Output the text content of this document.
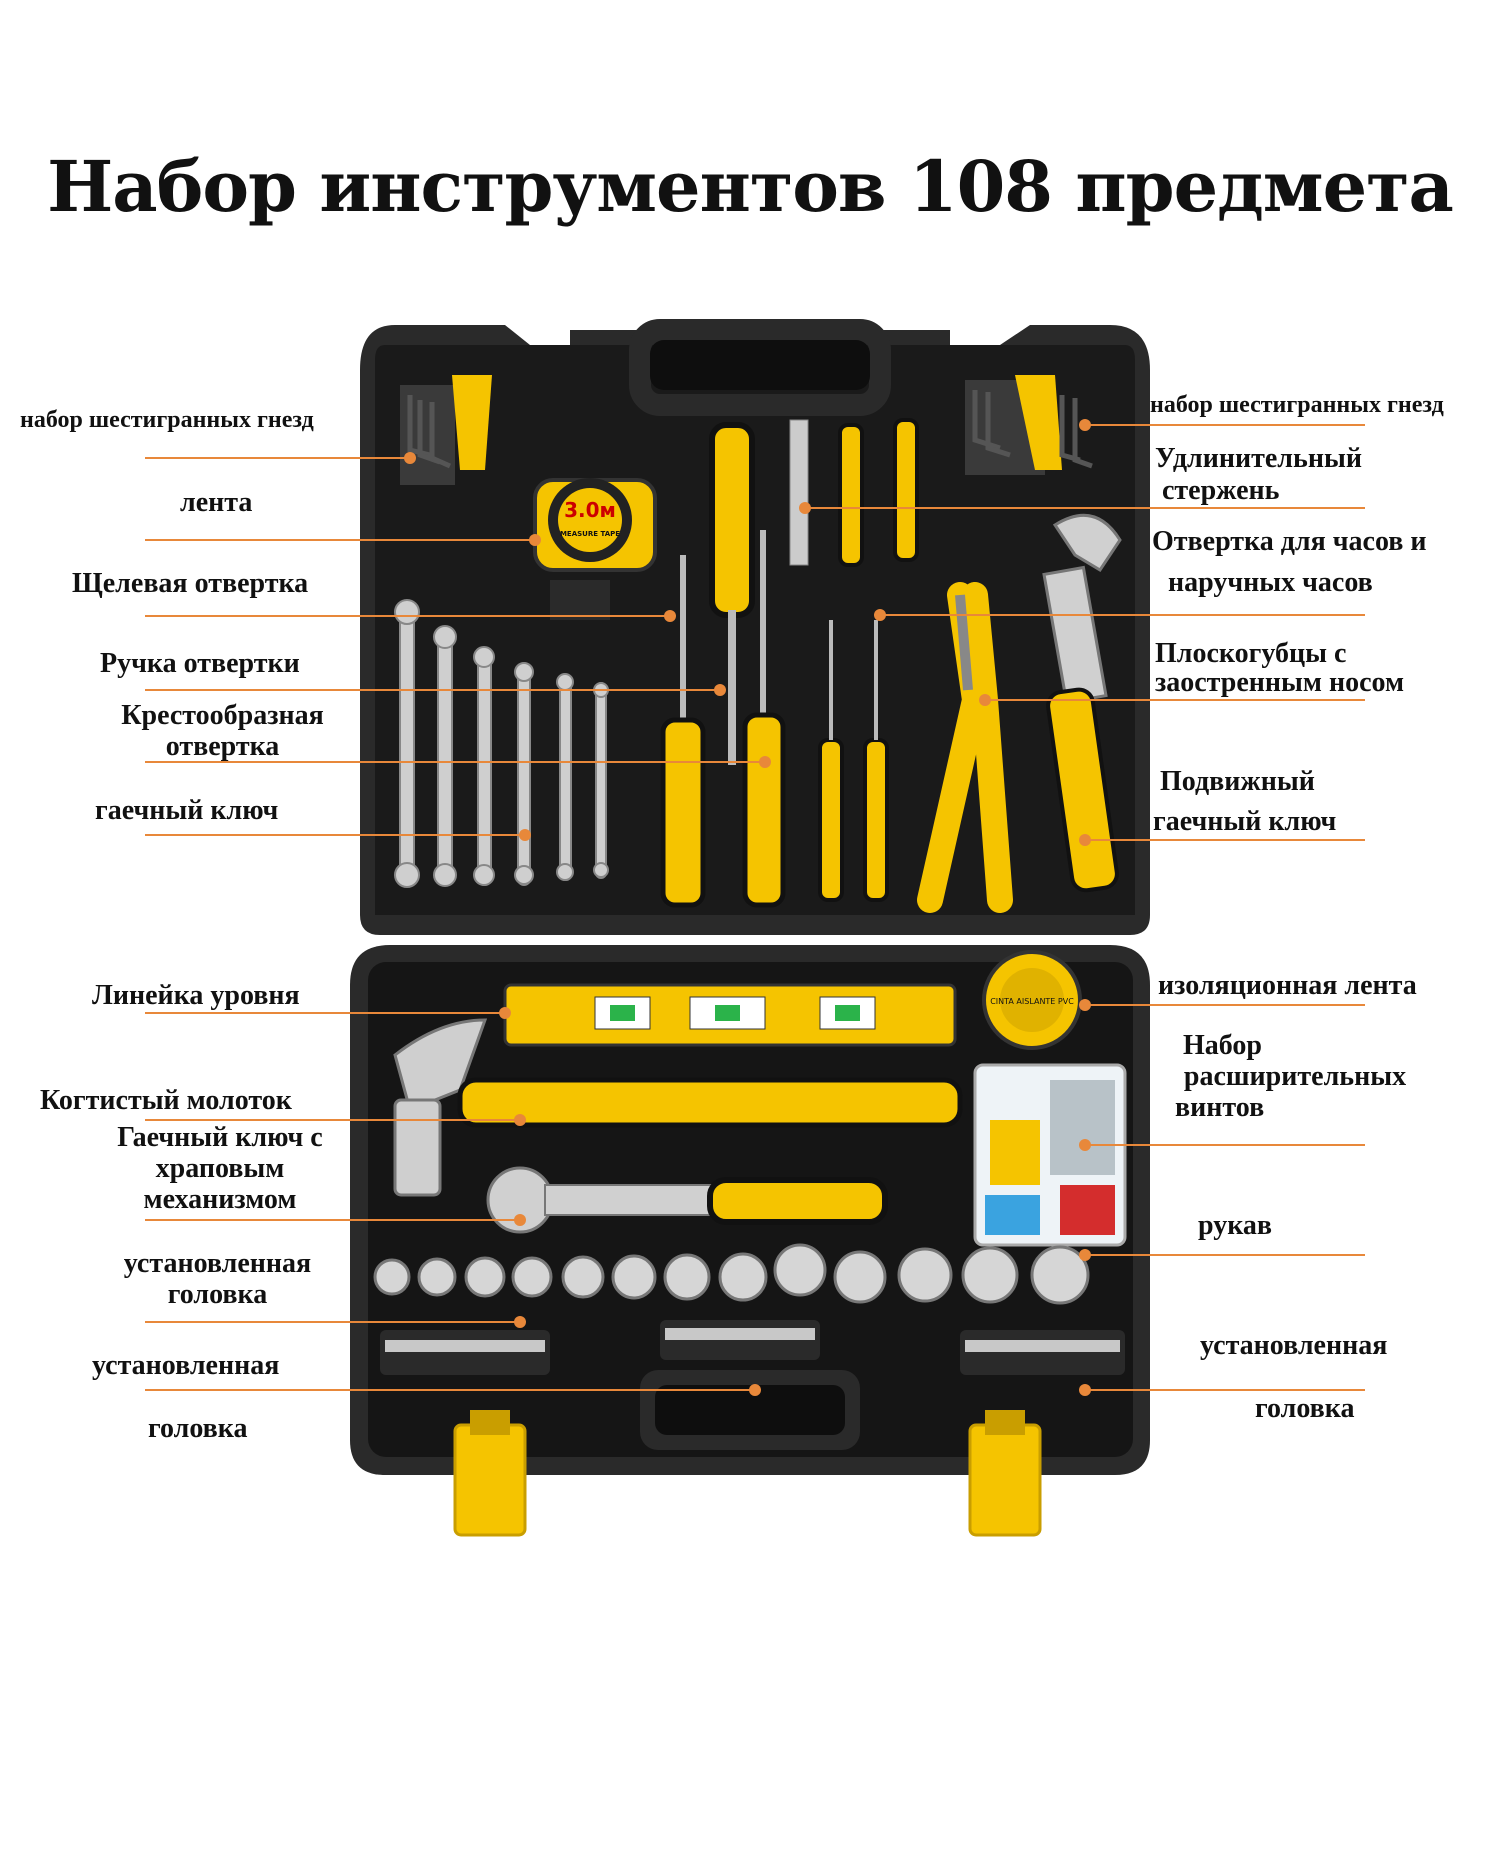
3.0м
MEASURE TAPE
CINTA AISLANTE PVC
Набор инструментов 108 предмета
набор шестигранных гнезд
лента
Щелевая отвертка
Ручка отвертки
Крестообразная
отвертка
гаечный ключ
Линейка уровня
Когтистый молоток
Гаечный ключ с
храповым
механизмом
установленная
головка
установленная
головка
набор шестигранных гнезд
Удлинительный
стержень
Отвертка для часов и
наручных часов
Плоскогубцы с
заостренным носом
Подвижный
гаечный ключ
изоляционная лента
Набор
расширительных
винтов
рукав
установленная
головка
